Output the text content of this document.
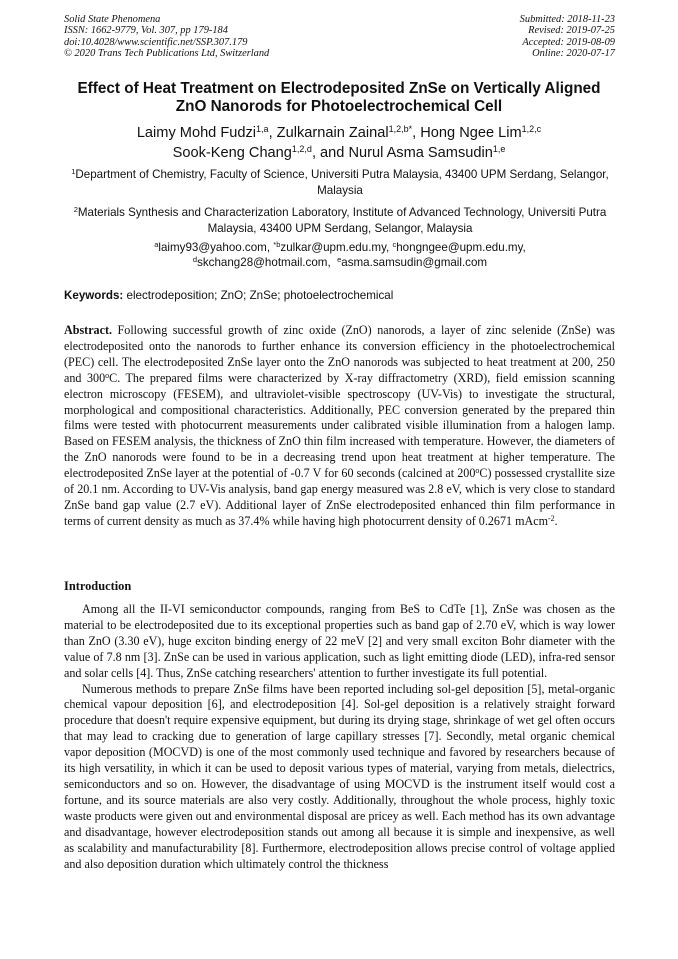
Solid State Phenomena
ISSN: 1662-9779, Vol. 307, pp 179-184
doi:10.4028/www.scientific.net/SSP.307.179
© 2020 Trans Tech Publications Ltd, Switzerland
Submitted: 2018-11-23
Revised: 2019-07-25
Accepted: 2019-08-09
Online: 2020-07-17
Effect of Heat Treatment on Electrodeposited ZnSe on Vertically Aligned
ZnO Nanorods for Photoelectrochemical Cell
Laimy Mohd Fudzi$^{1,a}$, Zulkarnain Zainal$^{1,2,b*}$, Hong Ngee Lim$^{1,2,c}$
Sook-Keng Chang$^{1,2,d}$, and Nurul Asma Samsudin$^{1,e}$
$^1$Department of Chemistry, Faculty of Science, Universiti Putra Malaysia, 43400 UPM Serdang, Selangor, Malaysia
$^2$Materials Synthesis and Characterization Laboratory, Institute of Advanced Technology, Universiti Putra Malaysia, 43400 UPM Serdang, Selangor, Malaysia
$^a$laimy93@yahoo.com, $^{*b}$zulkar@upm.edu.my, $^c$hongngee@upm.edu.my,
$^d$skchang28@hotmail.com,  $^e$asma.samsudin@gmail.com
Keywords: electrodeposition; ZnO; ZnSe; photoelectrochemical
Abstract. Following successful growth of zinc oxide (ZnO) nanorods, a layer of zinc selenide (ZnSe) was electrodeposited onto the nanorods to further enhance its conversion efficiency in the photoelectrochemical (PEC) cell. The electrodeposited ZnSe layer onto the ZnO nanorods was subjected to heat treatment at 200, 250 and 300$^o$C. The prepared films were characterized by X-ray diffractometry (XRD), field emission scanning electron microscopy (FESEM), and ultraviolet-visible spectroscopy (UV-Vis) to investigate the structural, morphological and compositional characteristics. Additionally, PEC conversion generated by the prepared thin films were tested with photocurrent measurements under calibrated visible illumination from a halogen lamp. Based on FESEM analysis, the thickness of ZnO thin film increased with temperature. However, the diameters of the ZnO nanorods were found to be in a decreasing trend upon heat treatment at higher temperature. The electrodeposited ZnSe layer at the potential of -0.7 V for 60 seconds (calcined at 200$^o$C) possessed crystallite size of 20.1 nm. According to UV-Vis analysis, band gap energy measured was 2.8 eV, which is very close to standard ZnSe band gap value (2.7 eV). Additional layer of ZnSe electrodeposited enhanced thin film performance in terms of current density as much as 37.4% while having high photocurrent density of 0.2671 mAcm$^{-2}$.
Introduction

Among all the II-VI semiconductor compounds, ranging from BeS to CdTe [1], ZnSe was chosen as the material to be electrodeposited due to its exceptional properties such as band gap of 2.70 eV, which is way lower than ZnO (3.30 eV), huge exciton binding energy of 22 meV [2] and very small exciton Bohr diameter with the value of 7.8 nm [3]. ZnSe can be used in various application, such as light emitting diode (LED), infra-red sensor and solar cells [4]. Thus, ZnSe catching researchers' attention to further investigate its full potential.

Numerous methods to prepare ZnSe films have been reported including sol-gel deposition [5], metal-organic chemical vapour deposition [6], and electrodeposition [4]. Sol-gel deposition is a relatively straight forward procedure that doesn't require expensive equipment, but during its drying stage, shrinkage of wet gel often occurs that may lead to cracking due to generation of large capillary stresses [7]. Secondly, metal organic chemical vapor deposition (MOCVD) is one of the most commonly used technique and favored by researchers because of its high versatility, in which it can be used to deposit various types of material, varying from metals, dielectrics, semiconductors and so on. However, the disadvantage of using MOCVD is the instrument itself would cost a fortune, and its source materials are also very costly. Additionally, throughout the whole process, highly toxic waste products were given out and environmental disposal are pricey as well. Each method has its own advantage and disadvantage, however electrodeposition stands out among all because it is simple and inexpensive, as well as scalability and manufacturability [8]. Furthermore, electrodeposition allows precise control of voltage applied and also deposition duration which ultimately control the thickness
